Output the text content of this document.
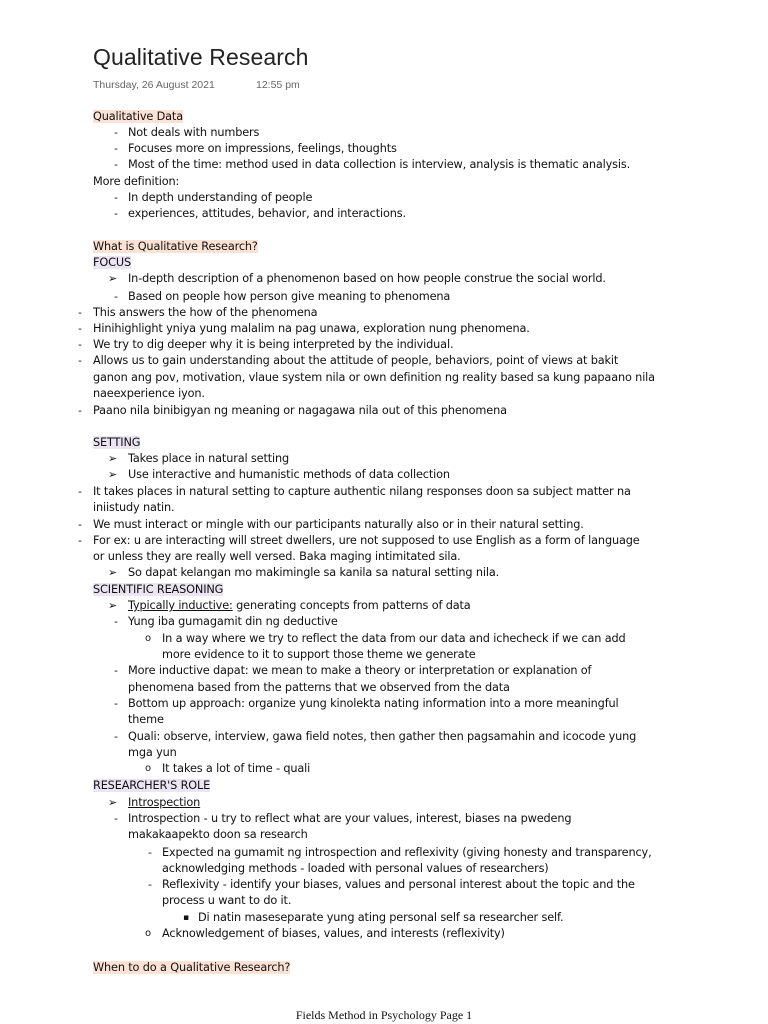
Qualitative Research
Thursday, 26 August 2021	12:55 pm
Qualitative Data
- Not deals with numbers
- Focuses more on impressions, feelings, thoughts
- Most of the time: method used in data collection is interview, analysis is thematic analysis.
More definition:
- In depth understanding of people
- experiences, attitudes, behavior, and interactions.
What is Qualitative Research?
FOCUS
➢ In-depth description of a phenomenon based on how people construe the social world.
- Based on people how person give meaning to phenomena
- This answers the how of the phenomena
- Hinihighlight yniya yung malalim na pag unawa, exploration nung phenomena.
- We try to dig deeper why it is being interpreted by the individual.
- Allows us to gain understanding about the attitude of people, behaviors, point of views at bakit
ganon ang pov, motivation, vlaue system nila or own definition ng reality based sa kung papaano nila
naeexperience iyon.
- Paano nila binibigyan ng meaning or nagagawa nila out of this phenomena
SETTING
➢ Takes place in natural setting
➢ Use interactive and humanistic methods of data collection
- It takes places in natural setting to capture authentic nilang responses doon sa subject matter na
iniistudy natin.
- We must interact or mingle with our participants naturally also or in their natural setting.
- For ex: u are interacting will street dwellers, ure not supposed to use English as a form of language
or unless they are really well versed. Baka maging intimitated sila.
➢ So dapat kelangan mo makimingle sa kanila sa natural setting nila.
SCIENTIFIC REASONING
➢ Typically inductive: generating concepts from patterns of data
- Yung iba gumagamit din ng deductive
o In a way where we try to reflect the data from our data and ichecheck if we can add
more evidence to it to support those theme we generate
- More inductive dapat: we mean to make a theory or interpretation or explanation of
phenomena based from the patterns that we observed from the data
- Bottom up approach: organize yung kinolekta nating information into a more meaningful
theme
- Quali: observe, interview, gawa field notes, then gather then pagsamahin and icocode yung
mga yun
o It takes a lot of time - quali
RESEARCHER'S ROLE
➢ Introspection
- Introspection - u try to reflect what are your values, interest, biases na pwedeng
makakaapekto doon sa research
- Expected na gumamit ng introspection and reflexivity (giving honesty and transparency,
acknowledging methods - loaded with personal values of researchers)
- Reflexivity - identify your biases, values and personal interest about the topic and the
process u want to do it.
▪ Di natin maseseparate yung ating personal self sa researcher self.
o Acknowledgement of biases, values, and interests (reflexivity)
When to do a Qualitative Research?
Fields Method in Psychology Page 1
